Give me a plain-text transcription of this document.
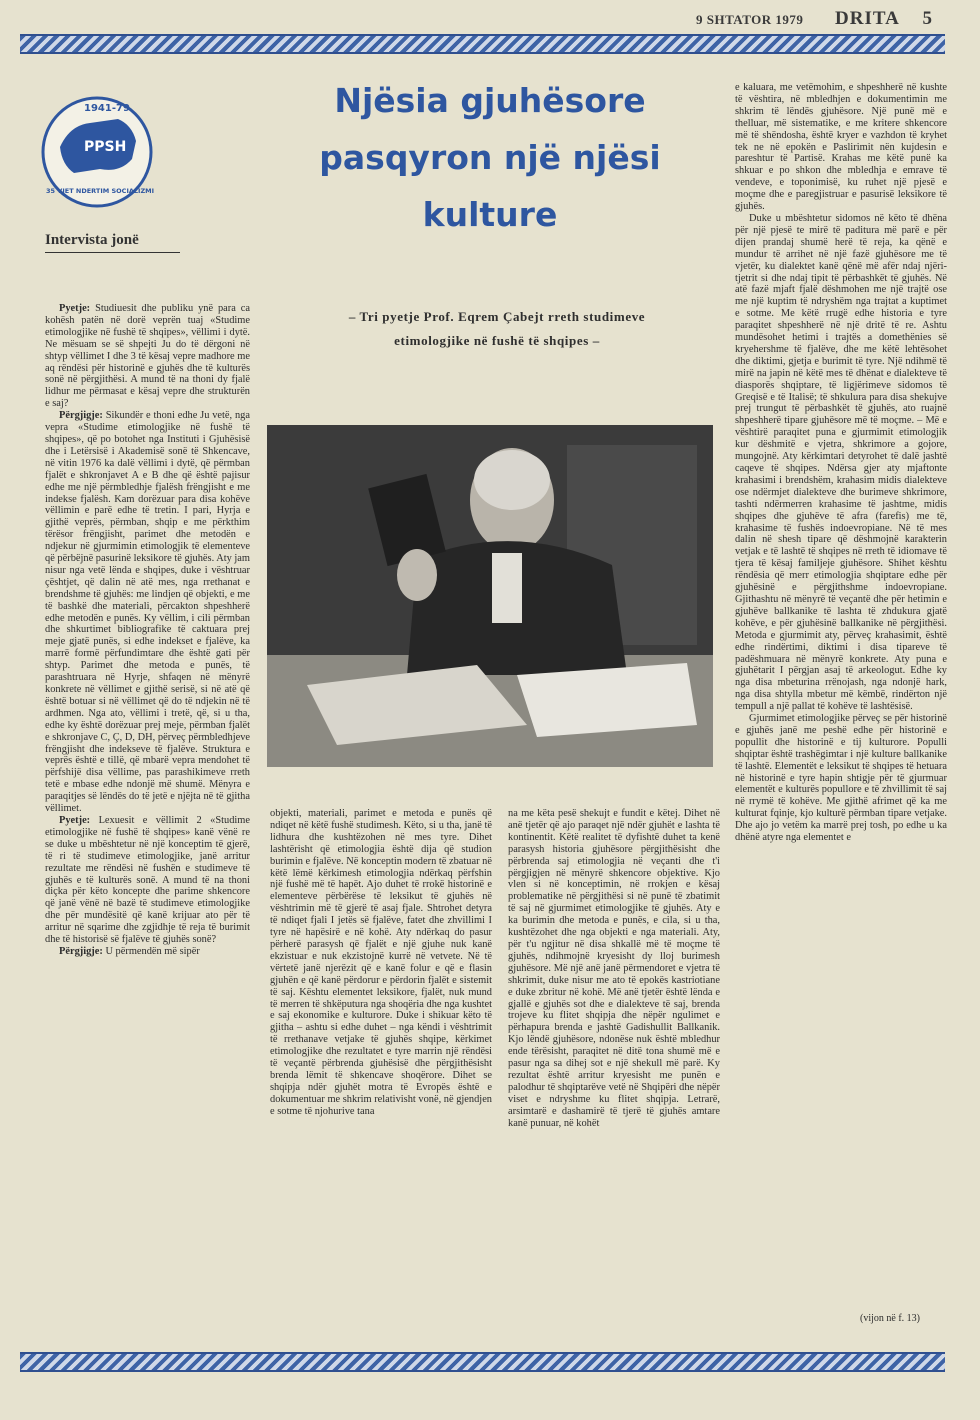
9 SHTATOR 1979 DRITA 5
1941-79
PPSH
35 VJET NDERTIM SOCIALIZMI
Intervista jonë
Njësia gjuhësore
pasqyron një njësi
kulture
– Tri pyetje Prof. Eqrem Çabejt rreth studimeve
etimologjike në fushë të shqipes –

Pyetje: Studiuesit dhe publiku ynë para ca kohësh patën në dorë veprën tuaj «Studime etimologjike në fushë të shqipes», vëllimi i dytë. Ne mësuam se së shpejti Ju do të dërgoni në shtyp vëllimet I dhe 3 të kësaj vepre madhore me aq rëndësi për historinë e gjuhës dhe të kulturës sonë në përgjithësi. A mund të na thoni dy fjalë lidhur me përmasat e kësaj vepre dhe strukturën e saj?

Përgjigje: Sikundër e thoni edhe Ju vetë, nga vepra «Studime etimologjike në fushë të shqipes», që po botohet nga Instituti i Gjuhësisë dhe i Letërsisë i Akademisë sonë të Shkencave, në vitin 1976 ka dalë vëllimi i dytë, që përmban fjalët e shkronjavet A e B dhe që është pajisur edhe me një përmbledhje fjalësh frëngjisht e me indekse fjalësh. Kam dorëzuar para disa kohëve vëllimin e parë edhe të tretin. I pari, Hyrja e gjithë veprës, përmban, shqip e me përkthim tërësor frëngjisht, parimet dhe metodën e ndjekur në gjurmimin etimologjik të elementeve që përbëjnë pasurinë leksikore të gjuhës. Aty jam nisur nga vetë lënda e shqipes, duke i vështruar çështjet, që dalin në atë mes, nga rrethanat e brendshme të gjuhës: me lindjen që objekti, e me të bashkë dhe materiali, përcakton shpeshherë edhe metodën e punës. Ky vëllim, i cili përmban dhe shkurtimet bibliografike të caktuara prej meje gjatë punës, si edhe indekset e fjalëve, ka marrë formë përfundimtare dhe është gati për shtyp. Parimet dhe metoda e punës, të parashtruara në Hyrje, shfaqen në mënyrë konkrete në vëllimet e gjithë serisë, si në atë që është botuar si në vëllimet që do të ndjekin në të ardhmen. Nga ato, vëllimi i tretë, që, si u tha, edhe ky është dorëzuar prej meje, përmban fjalët e shkronjave C, Ç, D, DH, përveç përmbledhjeve frëngjisht dhe indekseve të fjalëve. Struktura e veprës është e tillë, që mbarë vepra mendohet të përfshijë disa vëllime, pas parashikimeve rreth tetë e mbase edhe ndonjë më shumë. Mënyra e paraqitjes së lëndës do të jetë e njëjta në të gjitha vëllimet.

Pyetje: Lexuesit e vëllimit 2 «Studime etimologjike në fushë të shqipes» kanë vënë re se duke u mbështetur në një konceptim të gjerë, të ri të studimeve etimologjike, janë arritur rezultate me rëndësi në fushën e studimeve të gjuhës e të kulturës sonë. A mund të na thoni diçka për këto koncepte dhe parime shkencore që janë vënë në bazë të studimeve etimologjike dhe për mundësitë që kanë krijuar ato për të arritur në sqarime dhe zgjidhje të reja të burimit dhe të historisë së fjalëve të gjuhës sonë?

Përgjigje: U përmendën më sipër

objekti, materiali, parimet e metoda e punës që ndiqet në këtë fushë studimesh. Këto, si u tha, janë të lidhura dhe kushtëzohen në mes tyre. Dihet lashtërisht që etimologjia është dija që studion burimin e fjalëve. Në konceptin modern të zbatuar në këtë lëmë kërkimesh etimologjia ndërkaq përfshin një fushë më të hapët. Ajo duhet të rrokë historinë e elementeve përbërëse të leksikut të gjuhës në vështrimin më të gjerë të asaj fjale. Shtrohet detyra të ndiqet fjali I jetës së fjalëve, fatet dhe zhvillimi I tyre në hapësirë e në kohë. Aty ndërkaq do pasur përherë parasysh që fjalët e një gjuhe nuk kanë ekzistuar e nuk ekzistojnë kurrë në vetvete. Në të vërtetë janë njerëzit që e kanë folur e që e flasin gjuhën e që kanë përdorur e përdorin fjalët e sistemit të saj. Kështu elementet leksikore, fjalët, nuk mund të merren të shkëputura nga shoqëria dhe nga kushtet e saj ekonomike e kulturore. Duke i shikuar këto të gjitha – ashtu si edhe duhet – nga këndi i vështrimit të rrethanave vetjake të gjuhës shqipe, kërkimet etimologjike dhe rezultatet e tyre marrin një rëndësi të veçantë përbrenda gjuhësisë dhe përgjithësisht brenda lëmit të shkencave shoqërore. Dihet se shqipja ndër gjuhët motra të Evropës është e dokumentuar me shkrim relativisht vonë, në gjendjen e sotme të njohurive tana

na me këta pesë shekujt e fundit e këtej. Dihet në anë tjetër që ajo paraqet një ndër gjuhët e lashta të kontinentit. Këtë realitet të dyfishtë duhet ta kenë parasysh historia gjuhësore përgjithësisht dhe përbrenda saj etimologjia në veçanti dhe t'i përgjigjen në mënyrë shkencore objektive. Kjo vlen si në konceptimin, në rrokjen e kësaj problematike në përgjithësi si në punë të zbatimit të saj në gjurmimet etimologjike të gjuhës. Aty e ka burimin dhe metoda e punës, e cila, si u tha, kushtëzohet dhe nga objekti e nga materiali. Aty, për t'u ngjitur në disa shkallë më të moçme të gjuhës, ndihmojnë kryesisht dy lloj burimesh gjuhësore. Më një anë janë përmendoret e vjetra të shkrimit, duke nisur me ato të epokës kastriotiane e duke zbritur në kohë. Më anë tjetër është lënda e gjallë e gjuhës sot dhe e dialekteve të saj, brenda trojeve ku flitet shqipja dhe nëpër ngulimet e përhapura brenda e jashtë Gadishullit Ballkanik. Kjo lëndë gjuhësore, ndonëse nuk është mbledhur ende tërësisht, paraqitet në ditë tona shumë më e pasur nga sa dihej sot e një shekull më parë. Ky rezultat është arritur kryesisht me punën e palodhur të shqiptarëve vetë në Shqipëri dhe nëpër viset e ndryshme ku flitet shqipja. Letrarë, arsimtarë e dashamirë të tjerë të gjuhës amtare kanë punuar, në kohët

e kaluara, me vetëmohim, e shpeshherë në kushte të vështira, në mbledhjen e dokumentimin me shkrim të lëndës gjuhësore. Një punë më e thelluar, më sistematike, e me kritere shkencore më të shëndosha, është kryer e vazhdon të kryhet tek ne në epokën e Paslirimit nën kujdesin e pareshtur të Partisë. Krahas me këtë punë ka shkuar e po shkon dhe mbledhja e emrave të vendeve, e toponimisë, ku ruhet një pjesë e moçme dhe e paregjistruar e pasurisë leksikore të gjuhës.

Duke u mbështetur sidomos në këto të dhëna për një pjesë te mirë të paditura më parë e për dijen prandaj shumë herë të reja, ka qënë e mundur të arrihet në një fazë gjuhësore me të vjetër, ku dialektet kanë qënë më afër ndaj njëri-tjetrit si dhe ndaj tipit të përbashkët të gjuhës. Në atë fazë mjaft fjalë dëshmohen me një trajtë ose me një kuptim të ndryshëm nga trajtat a kuptimet e sotme. Me këtë rrugë edhe historia e tyre paraqitet shpeshherë në një dritë të re. Ashtu mundësohet hetimi i trajtës a domethënies së kryehershme të fjalëve, dhe me këtë lehtësohet dhe diktimi, gjetja e burimit të tyre. Një ndihmë të mirë na japin në këtë mes të dhënat e dialekteve të diasporës shqiptare, të ligjërimeve sidomos të Greqisë e të Italisë; të shkulura para disa shekujve prej trungut të përbashkët të gjuhës, ato ruajnë shpeshherë tipare gjuhësore më të moçme. – Më e vështirë paraqitet puna e gjurmimit etimologjik kur dëshmitë e vjetra, shkrimore a gojore, mungojnë. Aty kërkimtari detyrohet të dalë jashtë caqeve të shqipes. Ndërsa gjer aty mjaftonte krahasimi i brendshëm, krahasim midis dialekteve ose ndërmjet dialekteve dhe burimeve shkrimore, tashti ndërmerren krahasime të jashtme, midis shqipes dhe gjuhëve të afra (farefis) me të, krahasime të fushës indoevropiane. Në të mes dalin në shesh tipare që dëshmojnë karakterin vetjak e të lashtë të shqipes në rreth të idiomave të tjera të kësaj familjeje gjuhësore. Shihet kështu rëndësia që merr etimologjia shqiptare edhe për gjuhësinë e përgjithshme indoevropiane. Gjithashtu në mënyrë të veçantë dhe për hetimin e gjuhëve ballkanike të lashta të zhdukura gjatë kohëve, e për gjuhësinë ballkanike në përgjithësi. Metoda e gjurmimit aty, përveç krahasimit, është edhe rindërtimi, diktimi i disa tipareve të padëshmuara në mënyrë konkrete. Aty puna e gjuhëtarit I përgjan asaj të arkeologut. Edhe ky nga disa mbeturina rrënojash, nga ndonjë hark, nga disa shtylla mbetur më këmbë, rindërton një tempull a një pallat të kohëve të lashtësisë.

Gjurmimet etimologjike përveç se për historinë e gjuhës janë me peshë edhe për historinë e popullit dhe historinë e tij kulturore. Populli shqiptar është trashëgimtar i një kulture ballkanike të lashtë. Elementët e leksikut të shqipes të hetuara në historinë e tyre hapin shtigje për të gjurmuar elementët e kulturës popullore e të zhvillimit të saj në rrymë të kohëve. Me gjithë afrimet që ka me kulturat fqinje, kjo kulturë përmban tipare vetjake. Dhe ajo jo vetëm ka marrë prej tosh, po edhe u ka dhënë atyre nga elementet e

(vijon në f. 13)
